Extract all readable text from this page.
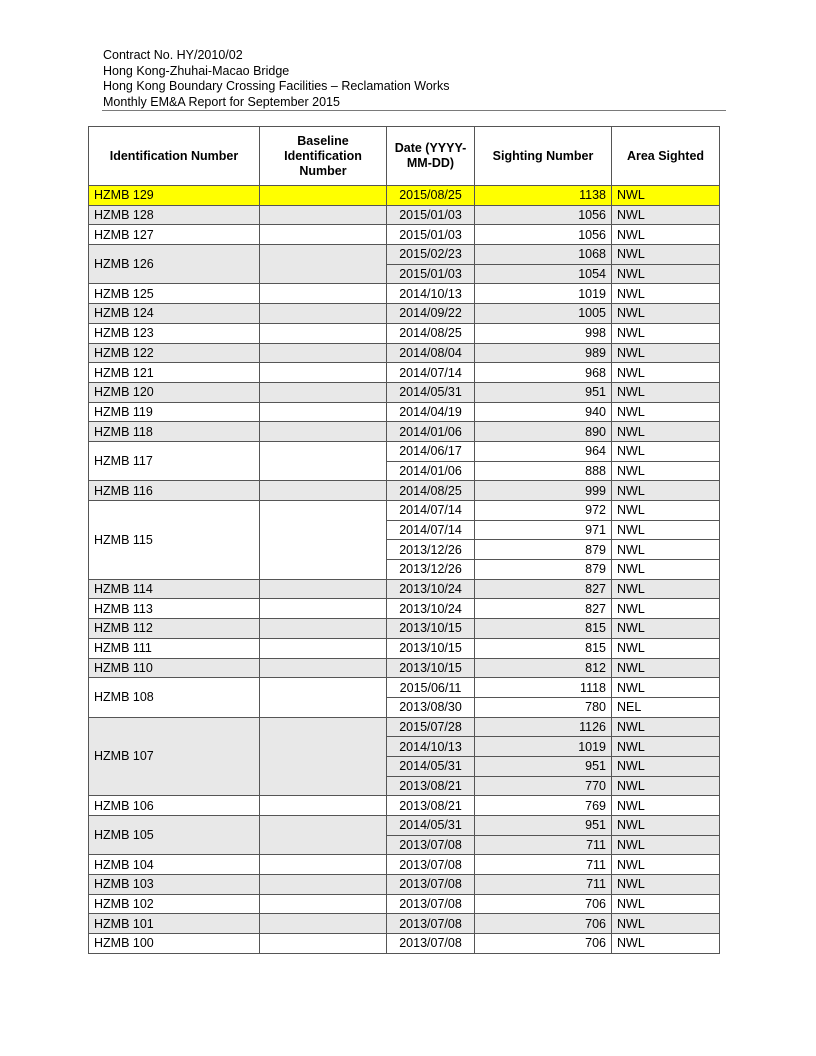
Contract No. HY/2010/02
Hong Kong-Zhuhai-Macao Bridge
Hong Kong Boundary Crossing Facilities – Reclamation Works
Monthly EM&A Report for September 2015
Identification Number	Baseline Identification Number	Date (YYYY-MM-DD)	Sighting Number	Area Sighted
HZMB 129		2015/08/25	1138	NWL
HZMB 128		2015/01/03	1056	NWL
HZMB 127		2015/01/03	1056	NWL
HZMB 126		2015/02/23	1068	NWL
		2015/01/03	1054	NWL
HZMB 125		2014/10/13	1019	NWL
HZMB 124		2014/09/22	1005	NWL
HZMB 123		2014/08/25	998	NWL
HZMB 122		2014/08/04	989	NWL
HZMB 121		2014/07/14	968	NWL
HZMB 120		2014/05/31	951	NWL
HZMB 119		2014/04/19	940	NWL
HZMB 118		2014/01/06	890	NWL
HZMB 117		2014/06/17	964	NWL
		2014/01/06	888	NWL
HZMB 116		2014/08/25	999	NWL
HZMB 115		2014/07/14	972	NWL
		2014/07/14	971	NWL
		2013/12/26	879	NWL
		2013/12/26	879	NWL
HZMB 114		2013/10/24	827	NWL
HZMB 113		2013/10/24	827	NWL
HZMB 112		2013/10/15	815	NWL
HZMB 111		2013/10/15	815	NWL
HZMB 110		2013/10/15	812	NWL
HZMB 108		2015/06/11	1118	NWL
		2013/08/30	780	NEL
HZMB 107		2015/07/28	1126	NWL
		2014/10/13	1019	NWL
		2014/05/31	951	NWL
		2013/08/21	770	NWL
HZMB 106		2013/08/21	769	NWL
HZMB 105		2014/05/31	951	NWL
		2013/07/08	711	NWL
HZMB 104		2013/07/08	711	NWL
HZMB 103		2013/07/08	711	NWL
HZMB 102		2013/07/08	706	NWL
HZMB 101		2013/07/08	706	NWL
HZMB 100		2013/07/08	706	NWL
